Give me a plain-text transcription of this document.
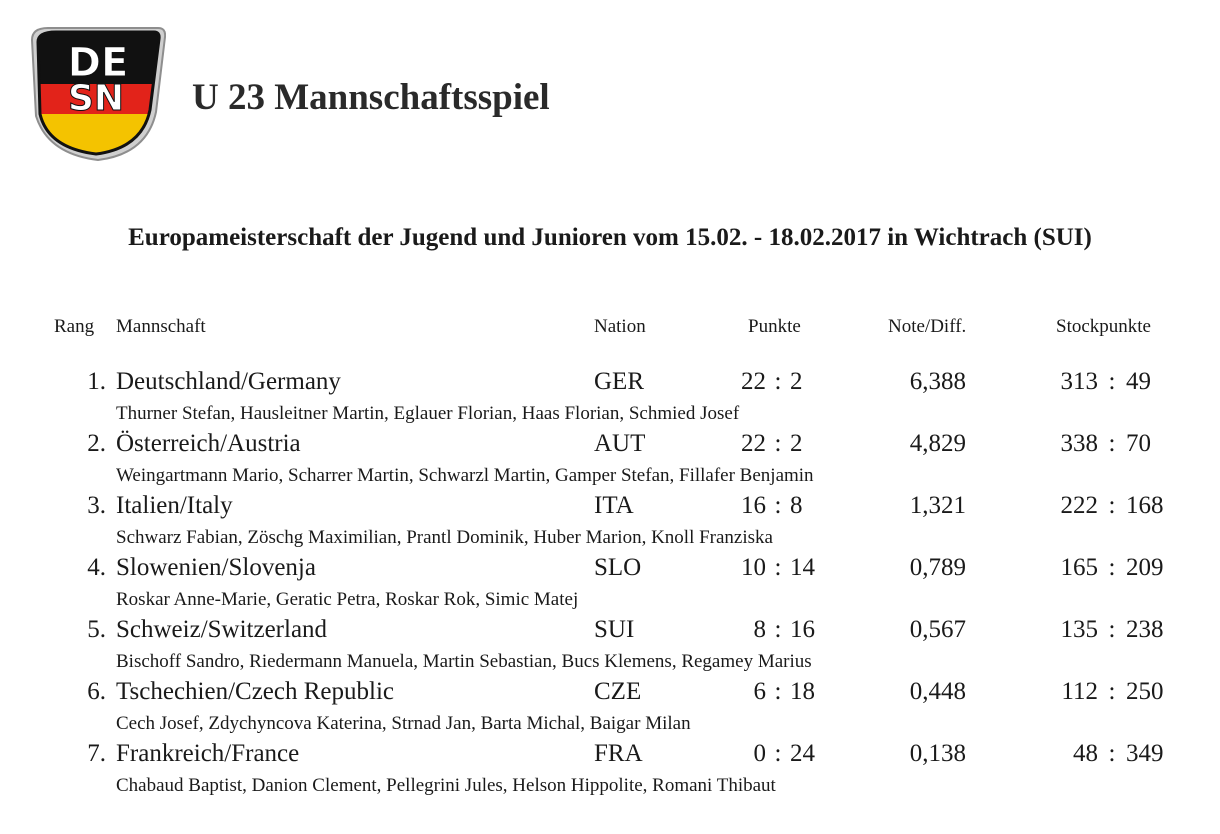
DE
SN U 23 Mannschaftsspiel
Europameisterschaft der Jugend und Junioren vom 15.02. - 18.02.2017 in Wichtrach (SUI)
Rang Mannschaft	Nation	Punkte	Note/Diff.	Stockpunkte
1. Deutschland/Germany	GER	22 : 2	6,388	313 : 49
Thurner Stefan, Hausleitner Martin, Eglauer Florian, Haas Florian, Schmied Josef
2. Österreich/Austria	AUT	22 : 2	4,829	338 : 70
Weingartmann Mario, Scharrer Martin, Schwarzl Martin, Gamper Stefan, Fillafer Benjamin
3. Italien/Italy	ITA	16 : 8	1,321	222 : 168
Schwarz Fabian, Zöschg Maximilian, Prantl Dominik, Huber Marion, Knoll Franziska
4. Slowenien/Slovenja	SLO	10 : 14	0,789	165 : 209
Roskar Anne-Marie, Geratic Petra, Roskar Rok, Simic Matej
5. Schweiz/Switzerland	SUI	8 : 16	0,567	135 : 238
Bischoff Sandro, Riedermann Manuela, Martin Sebastian, Bucs Klemens, Regamey Marius
6. Tschechien/Czech Republic	CZE	6 : 18	0,448	112 : 250
Cech Josef, Zdychyncova Katerina, Strnad Jan, Barta Michal, Baigar Milan
7. Frankreich/France	FRA	0 : 24	0,138	48 : 349
Chabaud Baptist, Danion Clement, Pellegrini Jules, Helson Hippolite, Romani Thibaut
